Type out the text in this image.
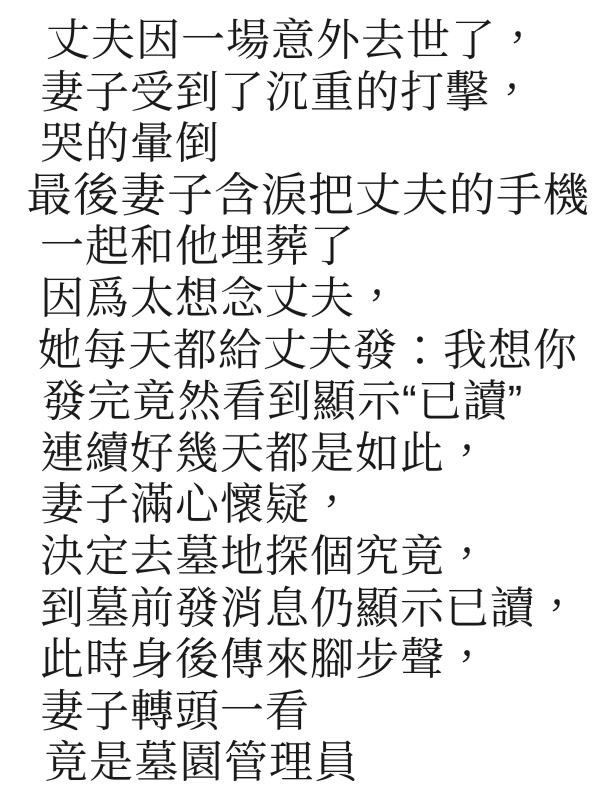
丈夫因一場意外去世了，
妻子受到了沉重的打擊，
哭的暈倒
最後妻子含淚把丈夫的手機
一起和他埋葬了
因爲太想念丈夫，
她每天都給丈夫發：我想你
發完竟然看到顯示“已讀”
連續好幾天都是如此，
妻子滿心懷疑，
決定去墓地探個究竟，
到墓前發消息仍顯示已讀，
此時身後傳來腳步聲，
妻子轉頭一看
竟是墓園管理員
